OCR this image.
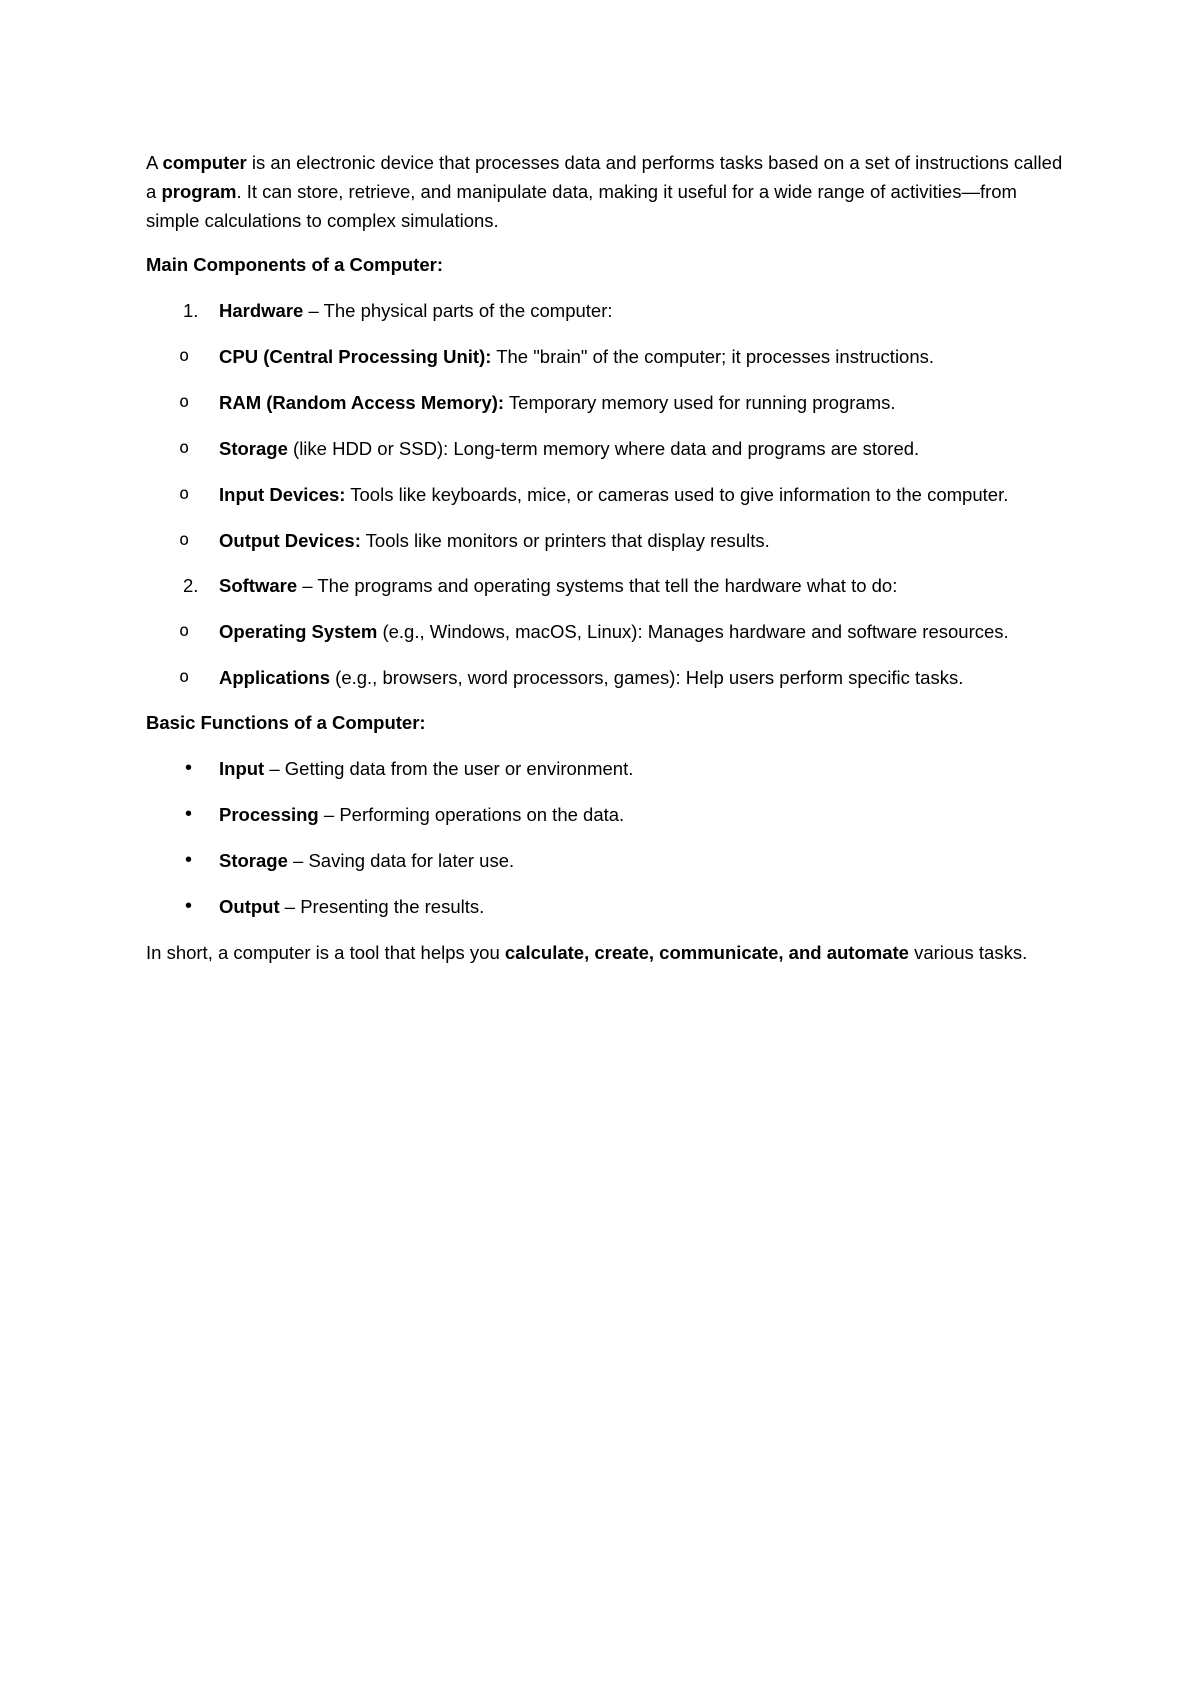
A computer is an electronic device that processes data and performs tasks based on a set of instructions called a program. It can store, retrieve, and manipulate data, making it useful for a wide range of activities—from simple calculations to complex simulations.

Main Components of a Computer:

1. Hardware – The physical parts of the computer:

o CPU (Central Processing Unit): The "brain" of the computer; it processes instructions.
o RAM (Random Access Memory): Temporary memory used for running programs.
o Storage (like HDD or SSD): Long-term memory where data and programs are stored.
o Input Devices: Tools like keyboards, mice, or cameras used to give information to the computer.
o Output Devices: Tools like monitors or printers that display results.
2. Software – The programs and operating systems that tell the hardware what to do:

o Operating System (e.g., Windows, macOS, Linux): Manages hardware and software resources.
o Applications (e.g., browsers, word processors, games): Help users perform specific tasks.

Basic Functions of a Computer:

• Input – Getting data from the user or environment.
• Processing – Performing operations on the data.
• Storage – Saving data for later use.
• Output – Presenting the results.

In short, a computer is a tool that helps you calculate, create, communicate, and automate various tasks.
